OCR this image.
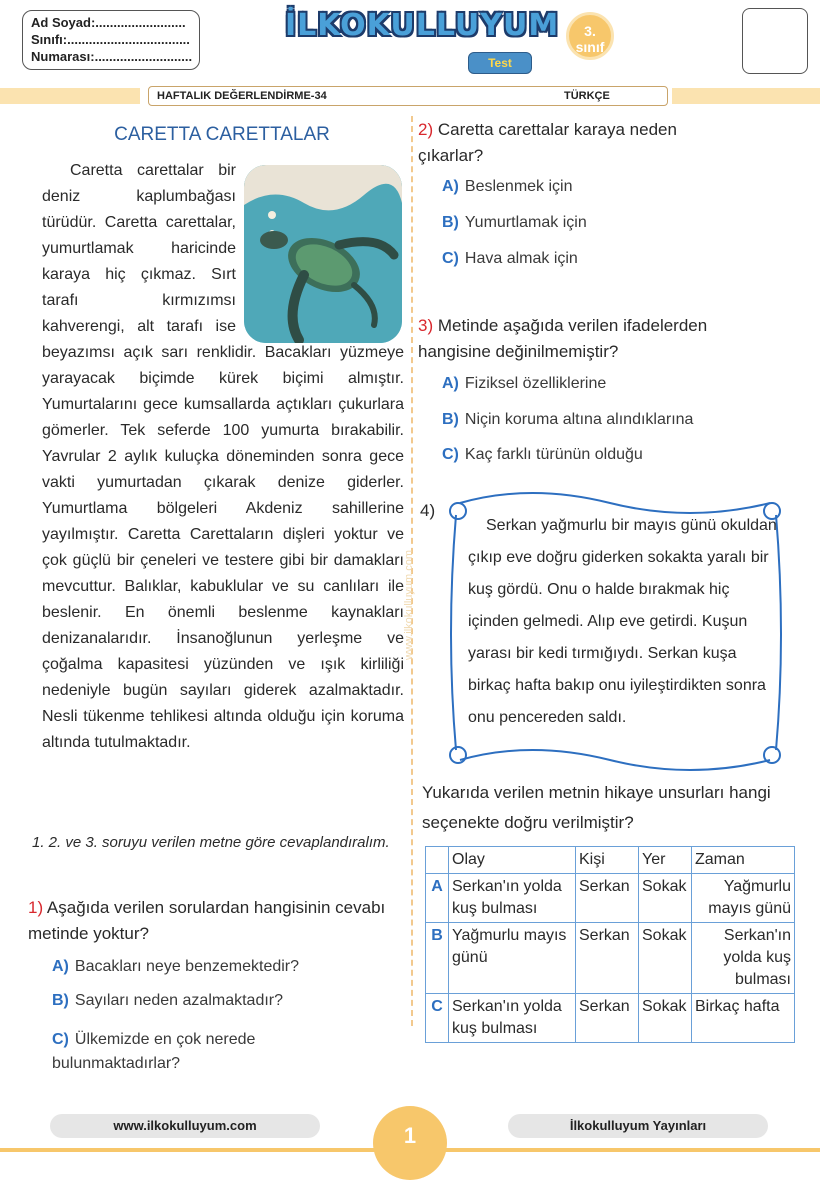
Ad Soyad:.........................
Sınıfı:..................................
Numarası:...........................
İLKOKULLUYUM
Test
3.
sınıf
HAFTALIK DEĞERLENDİRME-34	TÜRKÇE
www.ilkokulluyum.com
CARETTA CARETTALAR

Caretta carettalar bir deniz kaplumbağası türüdür. Caretta carettalar, yumurtlamak haricinde karaya hiç çıkmaz. Sırt tarafı kırmızımsı kahverengi, alt tarafı ise beyazımsı açık sarı renklidir. Bacakları yüzmeye yarayacak biçimde kürek biçimi almıştır. Yumurtalarını gece kumsallarda açtıkları çukurlara gömerler. Tek seferde 100 yumurta bırakabilir. Yavrular 2 aylık kuluçka döneminden sonra gece vakti yumurtadan çıkarak denize giderler. Yumurtlama bölgeleri Akdeniz sahillerine yayılmıştır. Caretta Carettaların dişleri yoktur ve çok güçlü bir çeneleri ve testere gibi bir damakları mevcuttur. Balıklar, kabuklular ve su canlıları ile beslenir. En önemli beslenme kaynakları denizanalarıdır. İnsanoğlunun yerleşme ve çoğalma kapasitesi yüzünden ve ışık kirliliği nedeniyle bugün sayıları giderek azalmaktadır. Nesli tükenme tehlikesi altında olduğu için koruma altında tutulmaktadır.

1. 2. ve 3. soruyu verilen metne göre cevaplandıralım.
1) Aşağıda verilen sorulardan hangisinin cevabı metinde yoktur?
A) Bacakları neye benzemektedir?
B) Sayıları neden azalmaktadır?
C) Ülkemizde en çok nerede bulunmaktadırlar?
2) Caretta carettalar karaya neden çıkarlar?
A) Beslenmek için
B) Yumurtlamak için
C) Hava almak için
3) Metinde aşağıda verilen ifadelerden hangisine değinilmemiştir?
A) Fiziksel özelliklerine
B) Niçin koruma altına alındıklarına
C) Kaç farklı türünün olduğu
4)
Serkan yağmurlu bir mayıs günü okuldan çıkıp eve doğru giderken sokakta yaralı bir kuş gördü. Onu o halde bırakmak hiç içinden gelmedi. Alıp eve getirdi. Kuşun yarası bir kedi tırmığıydı. Serkan kuşa birkaç hafta bakıp onu iyileştirdikten sonra onu pencereden saldı.
Yukarıda verilen metnin hikaye unsurları hangi seçenekte doğru verilmiştir?
	Olay	Kişi	Yer	Zaman
A	Serkan'ın yolda kuş bulması	Serkan	Sokak	Yağmurlu mayıs günü
B	Yağmurlu mayıs günü	Serkan	Sokak	Serkan'ın yolda kuş bulması
C	Serkan'ın yolda kuş bulması	Serkan	Sokak	Birkaç hafta
www.ilkokulluyum.com	1	İlkokulluyum Yayınları
